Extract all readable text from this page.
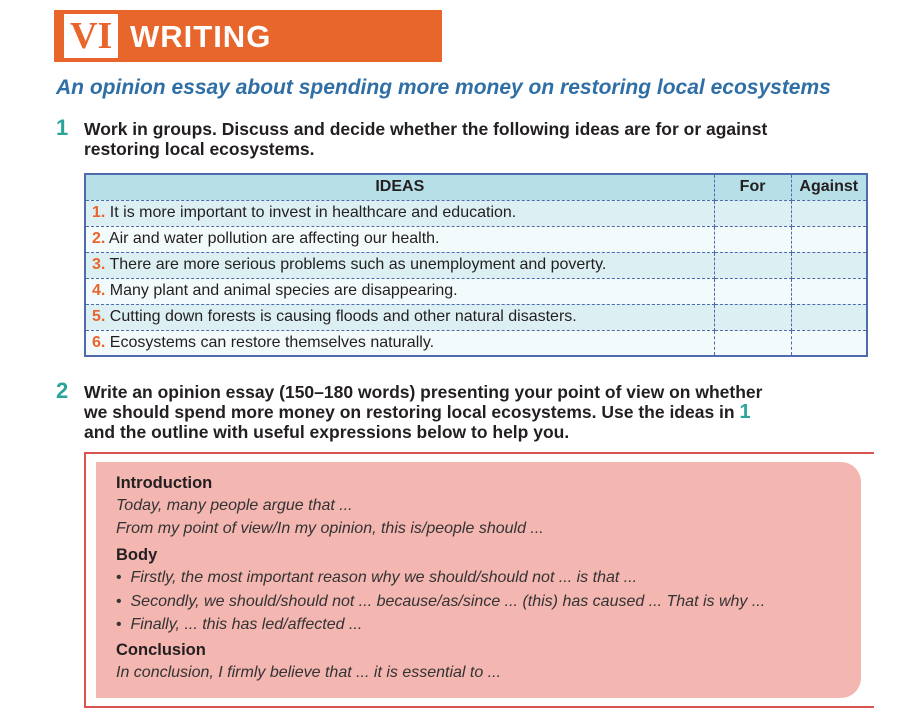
VI WRITING
An opinion essay about spending more money on restoring local ecosystems
1 Work in groups. Discuss and decide whether the following ideas are for or against
restoring local ecosystems.
IDEAS	For	Against
1. It is more important to invest in healthcare and education.		
2. Air and water pollution are affecting our health.		
3. There are more serious problems such as unemployment and poverty.		
4. Many plant and animal species are disappearing.		
5. Cutting down forests is causing floods and other natural disasters.		
6. Ecosystems can restore themselves naturally.		
2 Write an opinion essay (150–180 words) presenting your point of view on whether
we should spend more money on restoring local ecosystems. Use the ideas in 1
and the outline with useful expressions below to help you.
Introduction
Today, many people argue that ...
From my point of view/In my opinion, this is/people should ...
Body
• Firstly, the most important reason why we should/should not ... is that ...
• Secondly, we should/should not ... because/as/since ... (this) has caused ... That is why ...
• Finally, ... this has led/affected ...
Conclusion
In conclusion, I firmly believe that ... it is essential to ...
